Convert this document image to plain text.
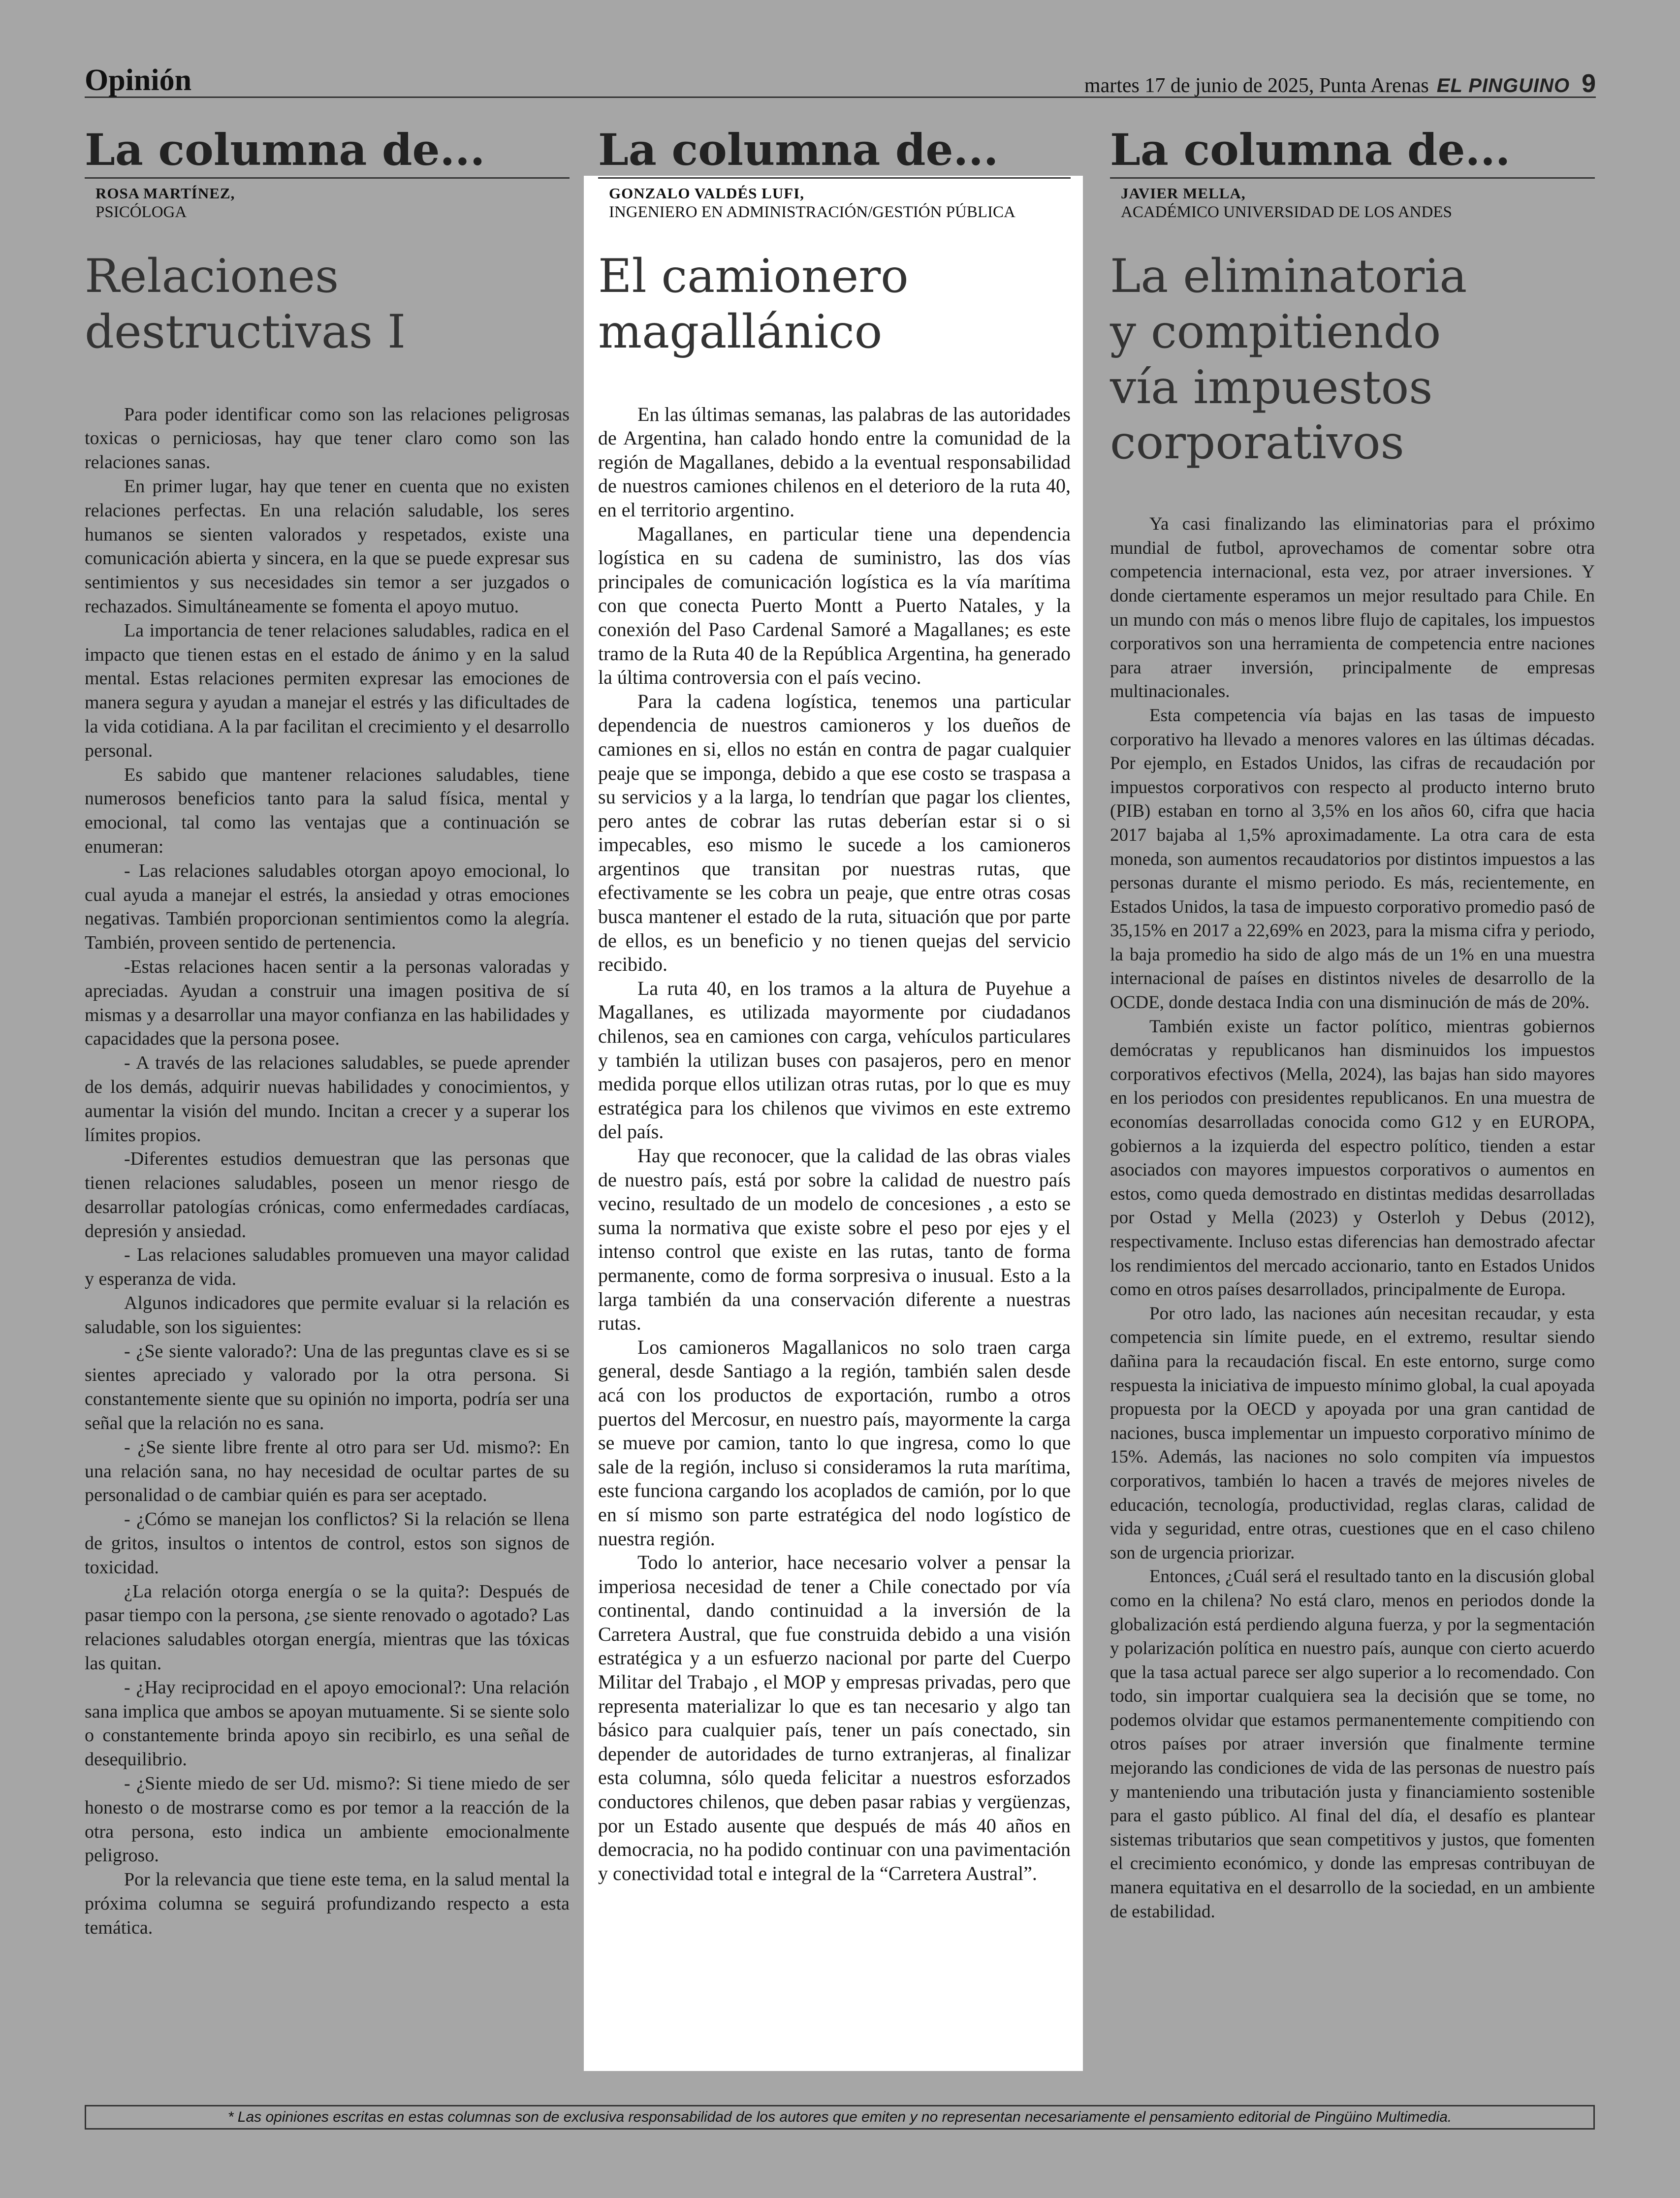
Opinión	martes 17 de junio de 2025, Punta Arenas EL PINGUINO 9
La columna de...
ROSA MARTÍNEZ,
PSICÓLOGA
Relaciones
destructivas I

Para poder identificar como son las relaciones peligrosas toxicas o perniciosas, hay que tener claro como son las relaciones sanas.

En primer lugar, hay que tener en cuenta que no existen relaciones perfectas. En una relación saludable, los seres humanos se sienten valorados y respetados, existe una comunicación abierta y sincera, en la que se puede expresar sus sentimientos y sus necesidades sin temor a ser juzgados o rechazados. Simultáneamente se fomenta el apoyo mutuo.

La importancia de tener relaciones saludables, radica en el impacto que tienen estas en el estado de ánimo y en la salud mental. Estas relaciones permiten expresar las emociones de manera segura y ayudan a manejar el estrés y las dificultades de la vida cotidiana. A la par facilitan el crecimiento y el desarrollo personal.

Es sabido que mantener relaciones saludables, tiene numerosos beneficios tanto para la salud física, mental y emocional, tal como las ventajas que a continuación se enumeran:

- Las relaciones saludables otorgan apoyo emocional, lo cual ayuda a manejar el estrés, la ansiedad y otras emociones negativas. También proporcionan sentimientos como la alegría. También, proveen sentido de pertenencia.

-Estas relaciones hacen sentir a la personas valoradas y apreciadas. Ayudan a construir una imagen positiva de sí mismas y a desarrollar una mayor confianza en las habilidades y capacidades que la persona posee.

- A través de las relaciones saludables, se puede aprender de los demás, adquirir nuevas habilidades y conocimientos, y aumentar la visión del mundo. Incitan a crecer y a superar los límites propios.

-Diferentes estudios demuestran que las personas que tienen relaciones saludables, poseen un menor riesgo de desarrollar patologías crónicas, como enfermedades cardíacas, depresión y ansiedad.

- Las relaciones saludables promueven una mayor calidad y esperanza de vida.

Algunos indicadores que permite evaluar si la relación es saludable, son los siguientes:

- ¿Se siente valorado?: Una de las preguntas clave es si se sientes apreciado y valorado por la otra persona. Si constantemente siente que su opinión no importa, podría ser una señal que la relación no es sana.

- ¿Se siente libre frente al otro para ser Ud. mismo?: En una relación sana, no hay necesidad de ocultar partes de su personalidad o de cambiar quién es para ser aceptado.

- ¿Cómo se manejan los conflictos? Si la relación se llena de gritos, insultos o intentos de control, estos son signos de toxicidad.

¿La relación otorga energía o se la quita?: Después de pasar tiempo con la persona, ¿se siente renovado o agotado? Las relaciones saludables otorgan energía, mientras que las tóxicas las quitan.

- ¿Hay reciprocidad en el apoyo emocional?: Una relación sana implica que ambos se apoyan mutuamente. Si se siente solo o constantemente brinda apoyo sin recibirlo, es una señal de desequilibrio.

- ¿Siente miedo de ser Ud. mismo?: Si tiene miedo de ser honesto o de mostrarse como es por temor a la reacción de la otra persona, esto indica un ambiente emocionalmente peligroso.

Por la relevancia que tiene este tema, en la salud mental la próxima columna se seguirá profundizando respecto a esta temática.

La columna de...
GONZALO VALDÉS LUFI,
INGENIERO EN ADMINISTRACIÓN/GESTIÓN PÚBLICA
El camionero
magallánico

En las últimas semanas, las palabras de las autoridades de Argentina, han calado hondo entre la comunidad de la región de Magallanes, debido a la eventual responsabilidad de nuestros camiones chilenos en el deterioro de la ruta 40, en el territorio argentino.

Magallanes, en particular tiene una dependencia logística en su cadena de suministro, las dos vías principales de comunicación logística es la vía marítima con que conecta Puerto Montt a Puerto Natales, y la conexión del Paso Cardenal Samoré a Magallanes; es este tramo de la Ruta 40 de la República Argentina, ha generado la última controversia con el país vecino.

Para la cadena logística, tenemos una particular dependencia de nuestros camioneros y los dueños de camiones en si, ellos no están en contra de pagar cualquier peaje que se imponga, debido a que ese costo se traspasa a su servicios y a la larga, lo tendrían que pagar los clientes, pero antes de cobrar las rutas deberían estar si o si impecables, eso mismo le sucede a los camioneros argentinos que transitan por nuestras rutas, que efectivamente se les cobra un peaje, que entre otras cosas busca mantener el estado de la ruta, situación que por parte de ellos, es un beneficio y no tienen quejas del servicio recibido.

La ruta 40, en los tramos a la altura de Puyehue a Magallanes, es utilizada mayormente por ciudadanos chilenos, sea en camiones con carga, vehículos particulares y también la utilizan buses con pasajeros, pero en menor medida porque ellos utilizan otras rutas, por lo que es muy estratégica para los chilenos que vivimos en este extremo del país.

Hay que reconocer, que la calidad de las obras viales de nuestro país, está por sobre la calidad de nuestro país vecino, resultado de un modelo de concesiones , a esto se suma la normativa que existe sobre el peso por ejes y el intenso control que existe en las rutas, tanto de forma permanente, como de forma sorpresiva o inusual. Esto a la larga también da una conservación diferente a nuestras rutas.

Los camioneros Magallanicos no solo traen carga general, desde Santiago a la región, también salen desde acá con los productos de exportación, rumbo a otros puertos del Mercosur, en nuestro país, mayormente la carga se mueve por camion, tanto lo que ingresa, como lo que sale de la región, incluso si consideramos la ruta marítima, este funciona cargando los acoplados de camión, por lo que en sí mismo son parte estratégica del nodo logístico de nuestra región.

Todo lo anterior, hace necesario volver a pensar la imperiosa necesidad de tener a Chile conectado por vía continental, dando continuidad a la inversión de la Carretera Austral, que fue construida debido a una visión estratégica y a un esfuerzo nacional por parte del Cuerpo Militar del Trabajo , el MOP y empresas privadas, pero que representa materializar lo que es tan necesario y algo tan básico para cualquier país, tener un país conectado, sin depender de autoridades de turno extranjeras, al finalizar esta columna, sólo queda felicitar a nuestros esforzados conductores chilenos, que deben pasar rabias y vergüenzas, por un Estado ausente que después de más 40 años en democracia, no ha podido continuar con una pavimentación y conectividad total e integral de la “Carretera Austral”.

La columna de...
JAVIER MELLA,
ACADÉMICO UNIVERSIDAD DE LOS ANDES
La eliminatoria
y compitiendo
vía impuestos
corporativos

Ya casi finalizando las eliminatorias para el próximo mundial de futbol, aprovechamos de comentar sobre otra competencia internacional, esta vez, por atraer inversiones. Y donde ciertamente esperamos un mejor resultado para Chile. En un mundo con más o menos libre flujo de capitales, los impuestos corporativos son una herramienta de competencia entre naciones para atraer inversión, principalmente de empresas multinacionales.

Esta competencia vía bajas en las tasas de impuesto corporativo ha llevado a menores valores en las últimas décadas. Por ejemplo, en Estados Unidos, las cifras de recaudación por impuestos corporativos con respecto al producto interno bruto (PIB) estaban en torno al 3,5% en los años 60, cifra que hacia 2017 bajaba al 1,5% aproximadamente. La otra cara de esta moneda, son aumentos recaudatorios por distintos impuestos a las personas durante el mismo periodo. Es más, recientemente, en Estados Unidos, la tasa de impuesto corporativo promedio pasó de 35,15% en 2017 a 22,69% en 2023, para la misma cifra y periodo, la baja promedio ha sido de algo más de un 1% en una muestra internacional de países en distintos niveles de desarrollo de la OCDE, donde destaca India con una disminución de más de 20%.

También existe un factor político, mientras gobiernos demócratas y republicanos han disminuidos los impuestos corporativos efectivos (Mella, 2024), las bajas han sido mayores en los periodos con presidentes republicanos. En una muestra de economías desarrolladas conocida como G12 y en EUROPA, gobiernos a la izquierda del espectro político, tienden a estar asociados con mayores impuestos corporativos o aumentos en estos, como queda demostrado en distintas medidas desarrolladas por Ostad y Mella (2023) y Osterloh y Debus (2012), respectivamente. Incluso estas diferencias han demostrado afectar los rendimientos del mercado accionario, tanto en Estados Unidos como en otros países desarrollados, principalmente de Europa.

Por otro lado, las naciones aún necesitan recaudar, y esta competencia sin límite puede, en el extremo, resultar siendo dañina para la recaudación fiscal. En este entorno, surge como respuesta la iniciativa de impuesto mínimo global, la cual apoyada propuesta por la OECD y apoyada por una gran cantidad de naciones, busca implementar un impuesto corporativo mínimo de 15%. Además, las naciones no solo compiten vía impuestos corporativos, también lo hacen a través de mejores niveles de educación, tecnología, productividad, reglas claras, calidad de vida y seguridad, entre otras, cuestiones que en el caso chileno son de urgencia priorizar.

Entonces, ¿Cuál será el resultado tanto en la discusión global como en la chilena? No está claro, menos en periodos donde la globalización está perdiendo alguna fuerza, y por la segmentación y polarización política en nuestro país, aunque con cierto acuerdo que la tasa actual parece ser algo superior a lo recomendado. Con todo, sin importar cualquiera sea la decisión que se tome, no podemos olvidar que estamos permanentemente compitiendo con otros países por atraer inversión que finalmente termine mejorando las condiciones de vida de las personas de nuestro país y manteniendo una tributación justa y financiamiento sostenible para el gasto público. Al final del día, el desafío es plantear sistemas tributarios que sean competitivos y justos, que fomenten el crecimiento económico, y donde las empresas contribuyan de manera equitativa en el desarrollo de la sociedad, en un ambiente de estabilidad.

* Las opiniones escritas en estas columnas son de exclusiva responsabilidad de los autores que emiten y no representan necesariamente el pensamiento editorial de Pingüino Multimedia.
